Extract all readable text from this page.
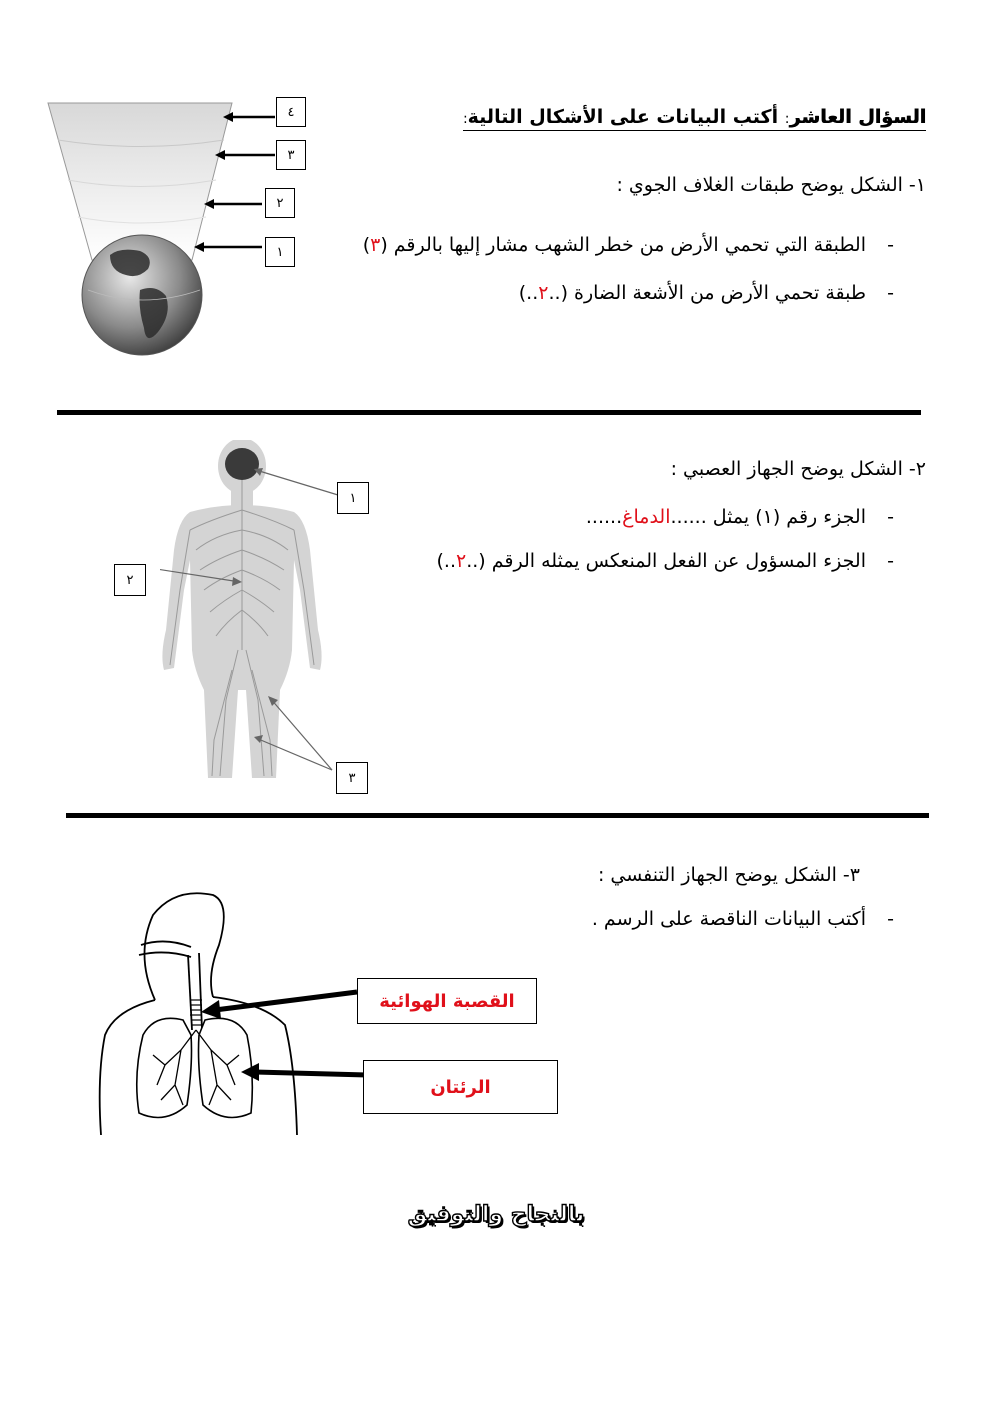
السؤال العاشر: أكتب البيانات على الأشكال التالية:
١- الشكل يوضح طبقات الغلاف الجوي :
- الطبقة التي تحمي الأرض من خطر الشهب مشار إليها بالرقم (٣)
- طبقة تحمي الأرض من الأشعة الضارة (..٢..)
٤
٣
٢
١
٢- الشكل يوضح الجهاز العصبي :
- الجزء رقم (١) يمثل ......الدماغ......
- الجزء المسؤول عن الفعل المنعكس يمثله الرقم (..٢..)
١
٢
٣
٣- الشكل يوضح الجهاز التنفسي :
- أكتب البيانات الناقصة على الرسم .
القصبة الهوائية
الرئتان
بالنجاح والتوفيق
